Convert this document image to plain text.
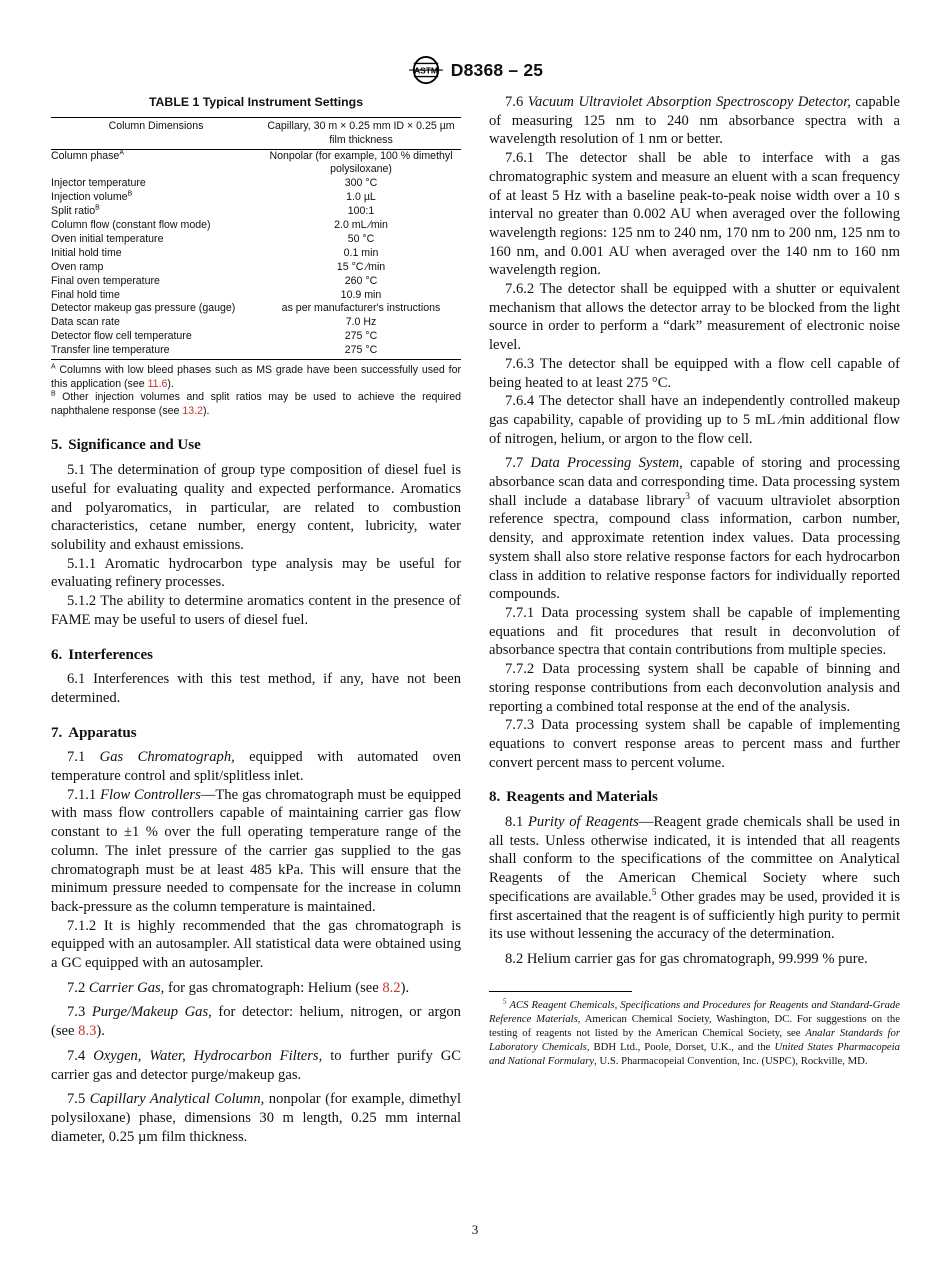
ASTM D8368 – 25
TABLE 1 Typical Instrument Settings
Column Dimensions	Capillary, 30 m × 0.25 mm ID × 0.25 µm film thickness
Column phase$^A$	Nonpolar (for example, 100 % dimethyl polysiloxane)
Injector temperature	300 °C
Injection volume$^B$	1.0 µL
Split ratio$^B$	100:1
Column flow (constant flow mode)	2.0 mL ⁄min
Oven initial temperature	50 °C
Initial hold time	0.1 min
Oven ramp	15 °C ⁄min
Final oven temperature	260 °C
Final hold time	10.9 min
Detector makeup gas pressure (gauge)	as per manufacturer's instructions
Data scan rate	7.0 Hz
Detector flow cell temperature	275 °C
Transfer line temperature	275 °C

$^A$ Columns with low bleed phases such as MS grade have been successfully used for this application (see 11.6).

$^B$ Other injection volumes and split ratios may be used to achieve the required naphthalene response (see 13.2).

5. Significance and Use

5.1 The determination of group type composition of diesel fuel is useful for evaluating quality and expected performance. Aromatics and polyaromatics, in particular, are related to combustion characteristics, cetane number, energy content, lubricity, water solubility and exhaust emissions.

5.1.1 Aromatic hydrocarbon type analysis may be useful for evaluating refinery processes.

5.1.2 The ability to determine aromatics content in the presence of FAME may be useful to users of diesel fuel.

6. Interferences

6.1 Interferences with this test method, if any, have not been determined.

7. Apparatus

7.1 Gas Chromatograph, equipped with automated oven temperature control and split/splitless inlet.

7.1.1 Flow Controllers—The gas chromatograph must be equipped with mass flow controllers capable of maintaining carrier gas flow constant to ±1 % over the full operating temperature range of the column. The inlet pressure of the carrier gas supplied to the gas chromatograph must be at least 485 kPa. This will ensure that the minimum pressure needed to compensate for the increase in column back-pressure as the column temperature is maintained.

7.1.2 It is highly recommended that the gas chromatograph is equipped with an autosampler. All statistical data were obtained using a GC equipped with an autosampler.

7.2 Carrier Gas, for gas chromatograph: Helium (see 8.2).

7.3 Purge/Makeup Gas, for detector: helium, nitrogen, or argon (see 8.3).

7.4 Oxygen, Water, Hydrocarbon Filters, to further purify GC carrier gas and detector purge/makeup gas.

7.5 Capillary Analytical Column, nonpolar (for example, dimethyl polysiloxane) phase, dimensions 30 m length, 0.25 mm internal diameter, 0.25 µm film thickness.

7.6 Vacuum Ultraviolet Absorption Spectroscopy Detector, capable of measuring 125 nm to 240 nm absorbance spectra with a wavelength resolution of 1 nm or better.

7.6.1 The detector shall be able to interface with a gas chromatographic system and measure an eluent with a scan frequency of at least 5 Hz with a baseline peak-to-peak noise width over a 10 s interval no greater than 0.002 AU when averaged over the following wavelength regions: 125 nm to 240 nm, 170 nm to 200 nm, 125 nm to 160 nm, and 0.001 AU when averaged over the 140 nm to 160 nm wavelength region.

7.6.2 The detector shall be equipped with a shutter or equivalent mechanism that allows the detector array to be blocked from the light source in order to perform a “dark” measurement of electronic noise level.

7.6.3 The detector shall be equipped with a flow cell capable of being heated to at least 275 °C.

7.6.4 The detector shall have an independently controlled makeup gas capability, capable of providing up to 5 mL ⁄min additional flow of nitrogen, helium, or argon to the flow cell.

7.7 Data Processing System, capable of storing and processing absorbance scan data and corresponding time. Data processing system shall include a database library$^3$ of vacuum ultraviolet absorption reference spectra, compound class information, carbon number, density, and approximate retention index values. Data processing system shall also store relative response factors for each hydrocarbon class in addition to relative response factors for individually reported compounds.

7.7.1 Data processing system shall be capable of implementing equations and fit procedures that result in deconvolution of absorbance spectra that contain contributions from multiple species.

7.7.2 Data processing system shall be capable of binning and storing response contributions from each deconvolution analysis and reporting a combined total response at the end of the analysis.

7.7.3 Data processing system shall be capable of implementing equations to convert response areas to percent mass and further convert percent mass to percent volume.

8. Reagents and Materials

8.1 Purity of Reagents—Reagent grade chemicals shall be used in all tests. Unless otherwise indicated, it is intended that all reagents shall conform to the specifications of the committee on Analytical Reagents of the American Chemical Society where such specifications are available.$^5$ Other grades may be used, provided it is first ascertained that the reagent is of sufficiently high purity to permit its use without lessening the accuracy of the determination.

8.2 Helium carrier gas for gas chromatograph, 99.999 % pure.

$^5$ ACS Reagent Chemicals, Specifications and Procedures for Reagents and Standard-Grade Reference Materials, American Chemical Society, Washington, DC. For suggestions on the testing of reagents not listed by the American Chemical Society, see Analar Standards for Laboratory Chemicals, BDH Ltd., Poole, Dorset, U.K., and the United States Pharmacopeia and National Formulary, U.S. Pharmacopeial Convention, Inc. (USPC), Rockville, MD.
3
